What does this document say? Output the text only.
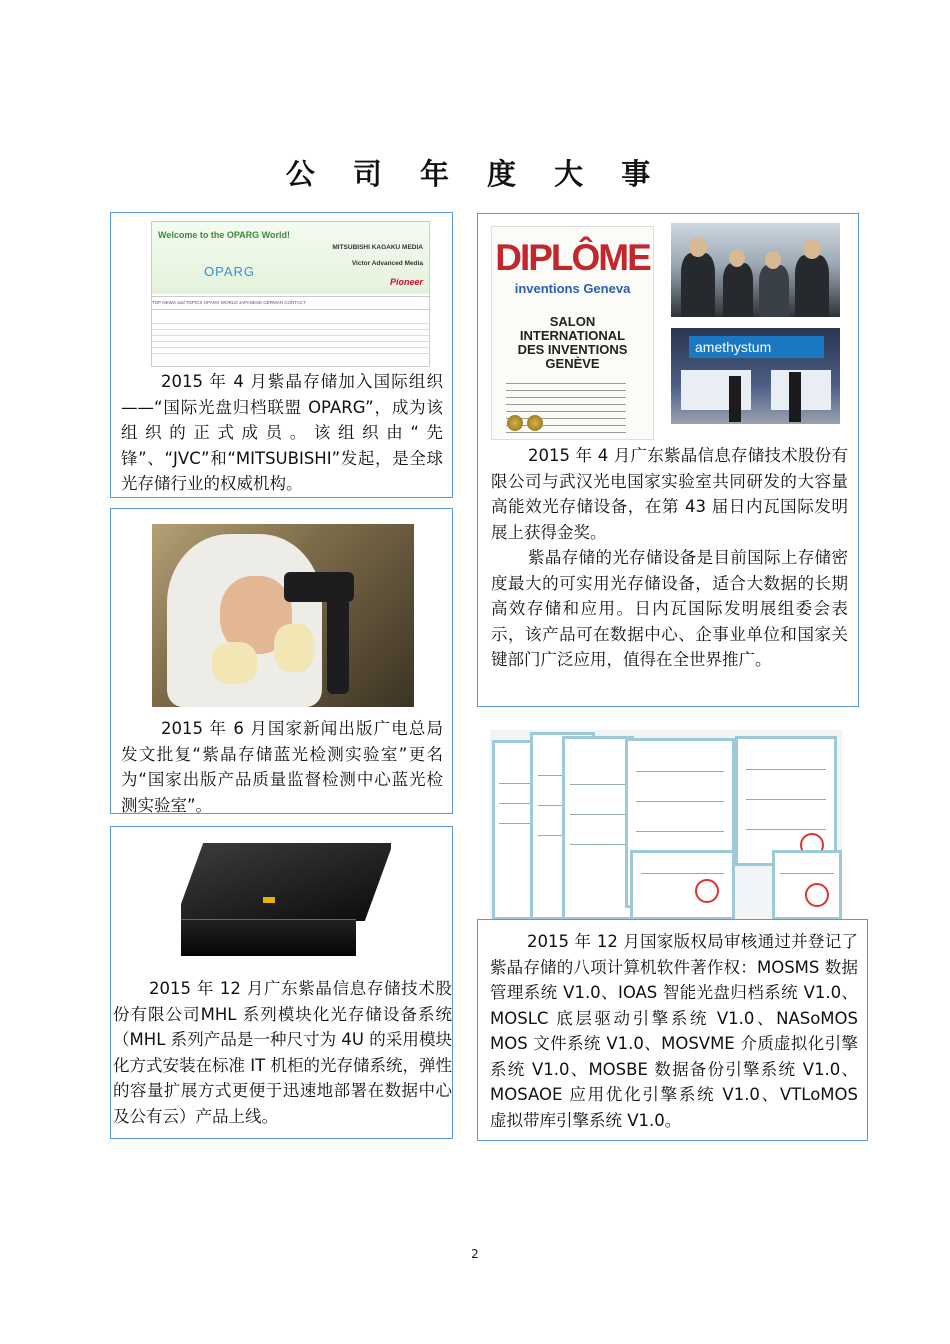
公 司 年 度 大 事
Welcome to the OPARG World!
MITSUBISHI KAGAKU MEDIA
Victor Advanced Media
Pioneer
OPARG
TOP NEWS and TOPICS OPARG WORLD JAPANESE GERMAN CONTACT
2015 年 4 月紫晶存储加入国际组织——“国际光盘归档联盟 OPARG”，成为该组织的正式成员。该组织由“先锋”、“JVC”和“MITSUBISHI”发起，是全球光存储行业的权威机构。
2015 年 6 月国家新闻出版广电总局发文批复“紫晶存储蓝光检测实验室”更名为“国家出版产品质量监督检测中心蓝光检测实验室”。
2015 年 12 月广东紫晶信息存储技术股份有限公司MHL 系列模块化光存储设备系统（MHL 系列产品是一种尺寸为 4U 的采用模块化方式安装在标准 IT 机柜的光存储系统，弹性的容量扩展方式更便于迅速地部署在数据中心及公有云）产品上线。
DIPLÔME
inventions Geneva
SALON
INTERNATIONAL
DES INVENTIONS
GENÈVE
amethystum
2015 年 4 月广东紫晶信息存储技术股份有限公司与武汉光电国家实验室共同研发的大容量高能效光存储设备，在第 43 届日内瓦国际发明展上获得金奖。
紫晶存储的光存储设备是目前国际上存储密度最大的可实用光存储设备，适合大数据的长期高效存储和应用。日内瓦国际发明展组委会表示，该产品可在数据中心、企事业单位和国家关键部门广泛应用，值得在全世界推广。
2015 年 12 月国家版权局审核通过并登记了紫晶存储的八项计算机软件著作权：MOSMS 数据管理系统 V1.0、IOAS 智能光盘归档系统 V1.0、MOSLC 底层驱动引擎系统 V1.0、NASoMOS MOS 文件系统 V1.0、MOSVME 介质虚拟化引擎系统 V1.0、MOSBE 数据备份引擎系统 V1.0、MOSAOE 应用优化引擎系统 V1.0、VTLoMOS 虚拟带库引擎系统 V1.0。
2
